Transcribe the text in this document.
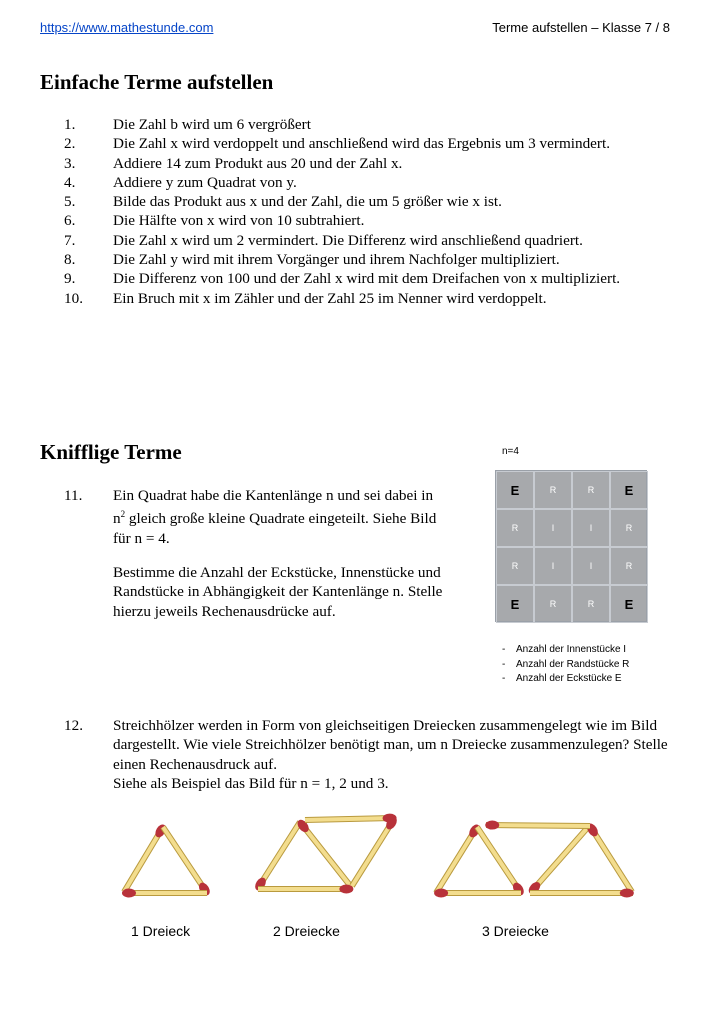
https://www.mathestunde.com	Terme aufstellen – Klasse 7 / 8
Einfache Terme aufstellen
1. Die Zahl b wird um 6 vergrößert
2. Die Zahl x wird verdoppelt und anschließend wird das Ergebnis um 3 vermindert.
3. Addiere 14 zum Produkt aus 20 und der Zahl x.
4. Addiere y zum Quadrat von y.
5. Bilde das Produkt aus x und der Zahl, die um 5 größer wie x ist.
6. Die Hälfte von x wird von 10 subtrahiert.
7. Die Zahl x wird um 2 vermindert. Die Differenz wird anschließend quadriert.
8. Die Zahl y wird mit ihrem Vorgänger und ihrem Nachfolger multipliziert.
9. Die Differenz von 100 und der Zahl x wird mit dem Dreifachen von x multipliziert.
10. Ein Bruch mit x im Zähler und der Zahl 25 im Nenner wird verdoppelt.
Knifflige Terme
11. Ein Quadrat habe die Kantenlänge n und sei dabei in
$n^2$ gleich große kleine Quadrate eingeteilt. Siehe Bild
für n = 4.
Bestimme die Anzahl der Eckstücke, Innenstücke und Randstücke in Abhängigkeit der Kantenlänge n. Stelle hierzu jeweils Rechenausdrücke auf.
n=4
E	R	R	E
R	I	I	R
R	I	I	R
E	R	R	E
- Anzahl der Innenstücke I
- Anzahl der Randstücke R
- Anzahl der Eckstücke E
12. Streichhölzer werden in Form von gleichseitigen Dreiecken zusammengelegt wie im Bild dargestellt. Wie viele Streichhölzer benötigt man, um n Dreiecke zusammenzulegen? Stelle einen Rechenausdruck auf.
Siehe als Beispiel das Bild für n = 1, 2 und 3.
1 Dreieck	2 Dreiecke	3 Dreiecke
